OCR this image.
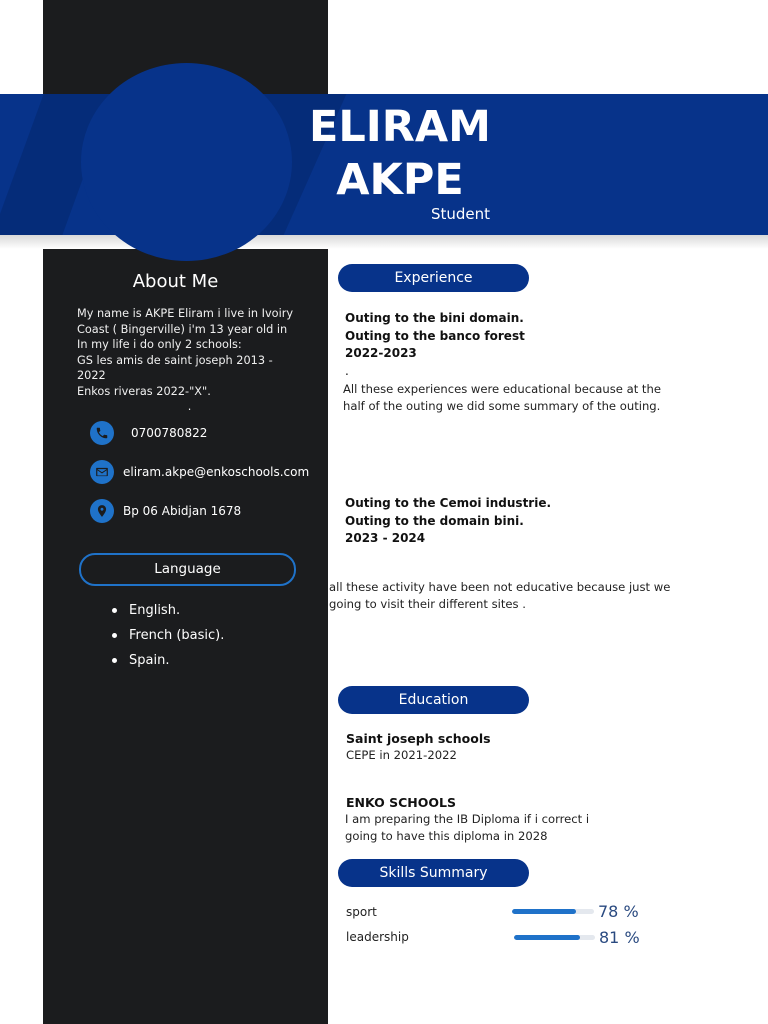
ELIRAM
AKPE
Student
About Me
My name is AKPE Eliram i live in Ivoiry
Coast ( Bingerville) i'm 13 year old in
In my life i do only 2 schools:
GS les amis de saint joseph 2013 -
2022
Enkos riveras 2022-"X".
.
0700780822
eliram.akpe@enkoschools.com
Bp 06 Abidjan 1678
Language
English.
French (basic).
Spain.
Experience
Outing to the bini domain.
Outing to the banco forest
2022-2023
.
All these experiences were educational because at the
half of the outing we did some summary of the outing.
Outing to the Cemoi industrie.
Outing to the domain bini.
2023 - 2024
all these activity have been not educative because just we
going to visit their different sites .
Education
Saint joseph schools
CEPE in 2021-2022
ENKO SCHOOLS
I am preparing the IB Diploma if i correct i
going to have this diploma in 2028
Skills Summary
sport	78 %
leadership	81 %
